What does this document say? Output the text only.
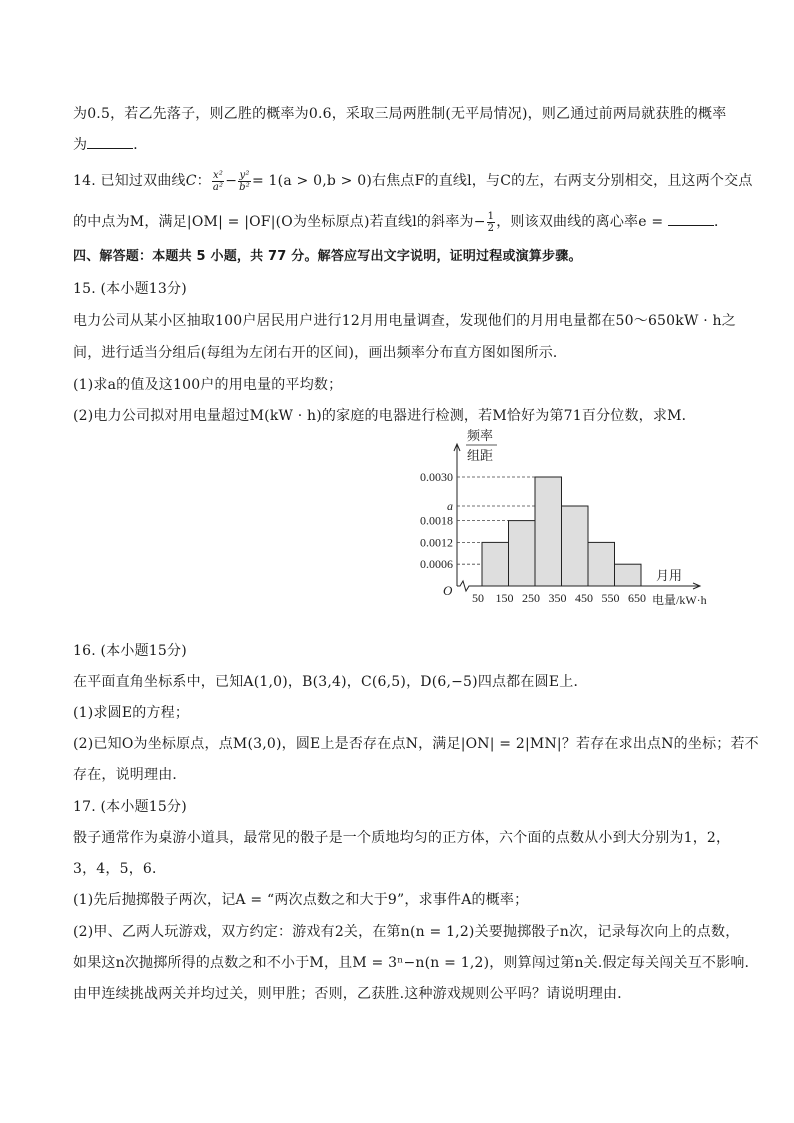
为0.5，若乙先落子，则乙胜的概率为0.6，采取三局两胜制(无平局情况)，则乙通过前两局就获胜的概率
为	．
14. 已知过双曲线C： $\frac{\text{x²}}{\text{a²}} - \frac{\text{y²}}{\text{b²}} = 1(a > 0,b > 0)$右焦点F的直线l，与C的左，右两支分别相交，且这两个交点
的中点为M，满足|OM| = |OF|(O为坐标原点)若直线l的斜率为− $\frac{1}{2}$ ，则该双曲线的离心率e =	．
四、解答题：本题共 5 小题，共 77 分。解答应写出文字说明，证明过程或演算步骤。
15. (本小题13分)
电力公司从某小区抽取100户居民用户进行12月用电量调查，发现他们的月用电量都在50～650kW · h之
间，进行适当分组后(每组为左闭右开的区间)，画出频率分布直方图如图所示．
(1)求a的值及这100户的用电量的平均数；
(2)电力公司拟对用电量超过M(kW · h)的家庭的电器进行检测，若M恰好为第71百分位数，求M．
0.0030
a
0.0018
0.0012
0.0006
50 150 250 350 450 550 650
O
频率
组距
月用
电量/kW·h
16. (本小题15分)
在平面直角坐标系中，已知A(1,0)，B(3,4)，C(6,5)，D(6,−5)四点都在圆E上．
(1)求圆E的方程；
(2)已知O为坐标原点，点M(3,0)，圆E上是否存在点N，满足|ON| = 2|MN|？若存在求出点N的坐标；若不
存在，说明理由．
17. (本小题15分)
骰子通常作为桌游小道具，最常见的骰子是一个质地均匀的正方体，六个面的点数从小到大分别为1，2，
3，4，5，6．
(1)先后抛掷骰子两次，记A = “两次点数之和大于9”，求事件A的概率；
(2)甲、乙两人玩游戏，双方约定：游戏有2关，在第n(n = 1,2)关要抛掷骰子n次，记录每次向上的点数，
如果这n次抛掷所得的点数之和不小于M，且M = 3ⁿ−n(n = 1,2)，则算闯过第n关.假定每关闯关互不影响.
由甲连续挑战两关并均过关，则甲胜；否则，乙获胜.这种游戏规则公平吗？请说明理由．
